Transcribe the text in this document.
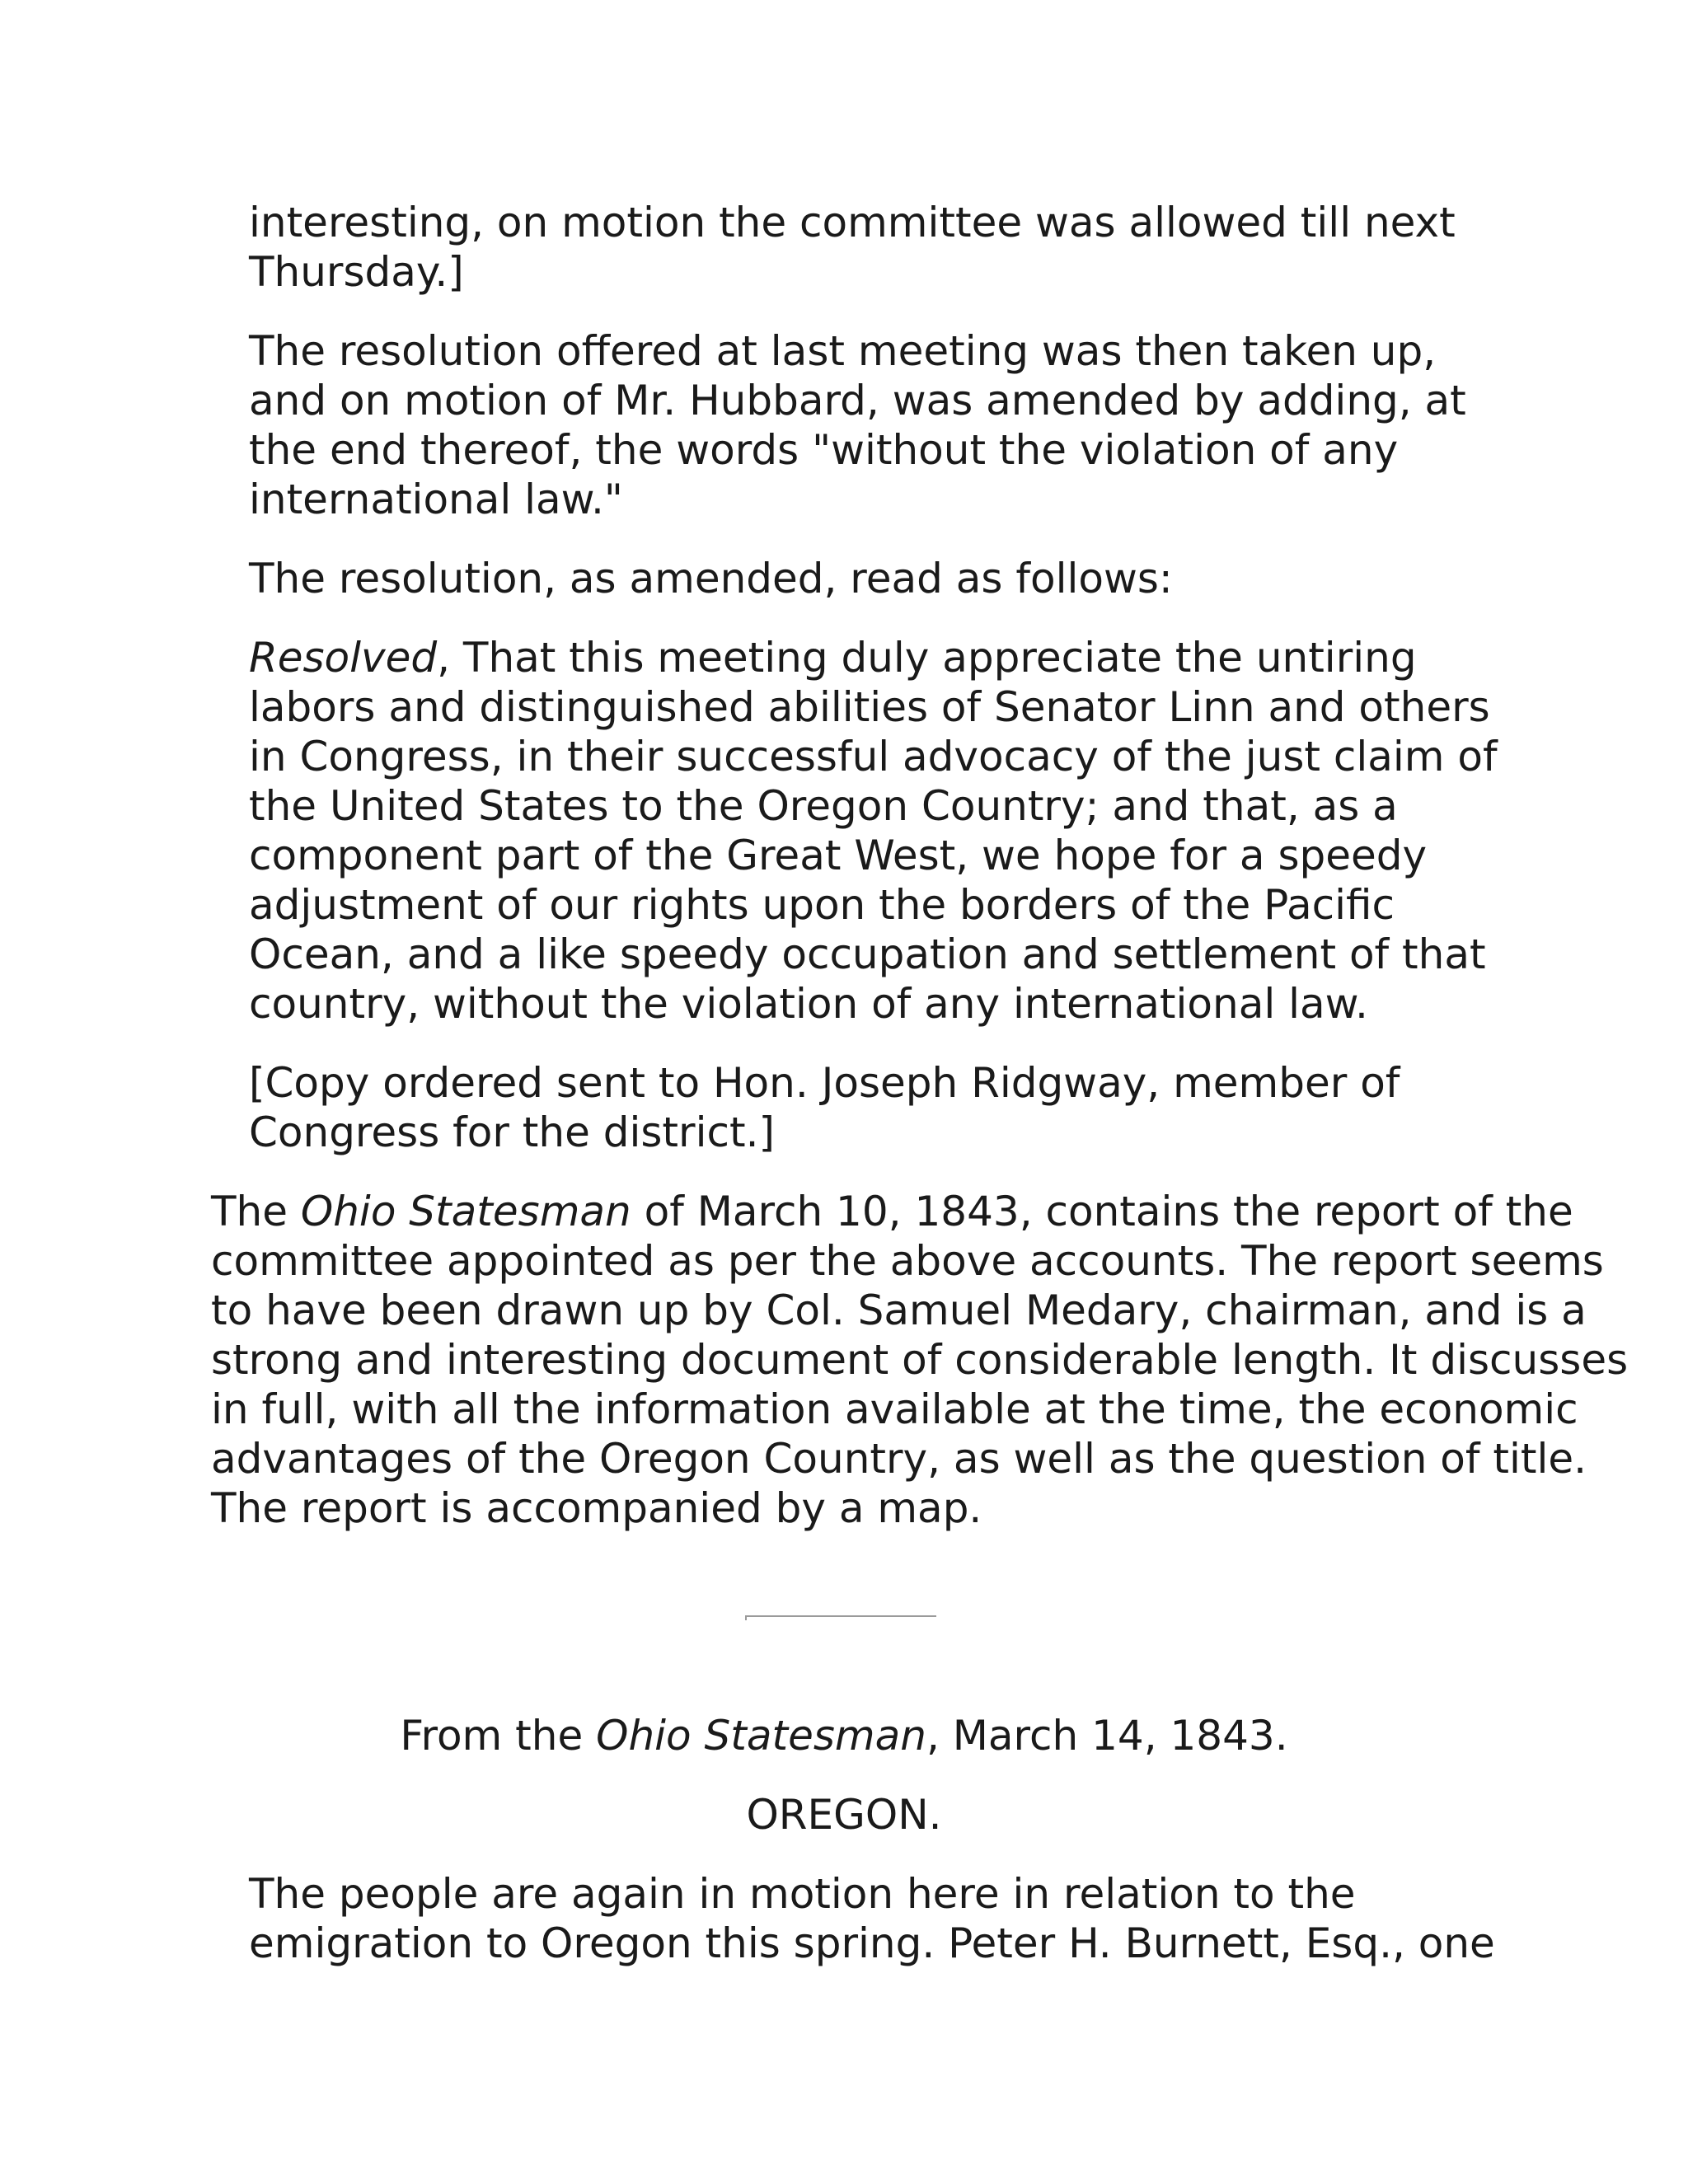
interesting, on motion the committee was allowed till next
Thursday.]
The resolution offered at last meeting was then taken up,
and on motion of Mr. Hubbard, was amended by adding, at
the end thereof, the words "without the violation of any
international law."
The resolution, as amended, read as follows:
Resolved, That this meeting duly appreciate the untiring
labors and distinguished abilities of Senator Linn and others
in Congress, in their successful advocacy of the just claim of
the United States to the Oregon Country; and that, as a
component part of the Great West, we hope for a speedy
adjustment of our rights upon the borders of the Pacific
Ocean, and a like speedy occupation and settlement of that
country, without the violation of any international law.
[Copy ordered sent to Hon. Joseph Ridgway, member of
Congress for the district.]
The Ohio Statesman of March 10, 1843, contains the report of the
committee appointed as per the above accounts. The report seems
to have been drawn up by Col. Samuel Medary, chairman, and is a
strong and interesting document of considerable length. It discusses
in full, with all the information available at the time, the economic
advantages of the Oregon Country, as well as the question of title.
The report is accompanied by a map.

From the Ohio Statesman, March 14, 1843.

OREGON.

The people are again in motion here in relation to the
emigration to Oregon this spring. Peter H. Burnett, Esq., one
